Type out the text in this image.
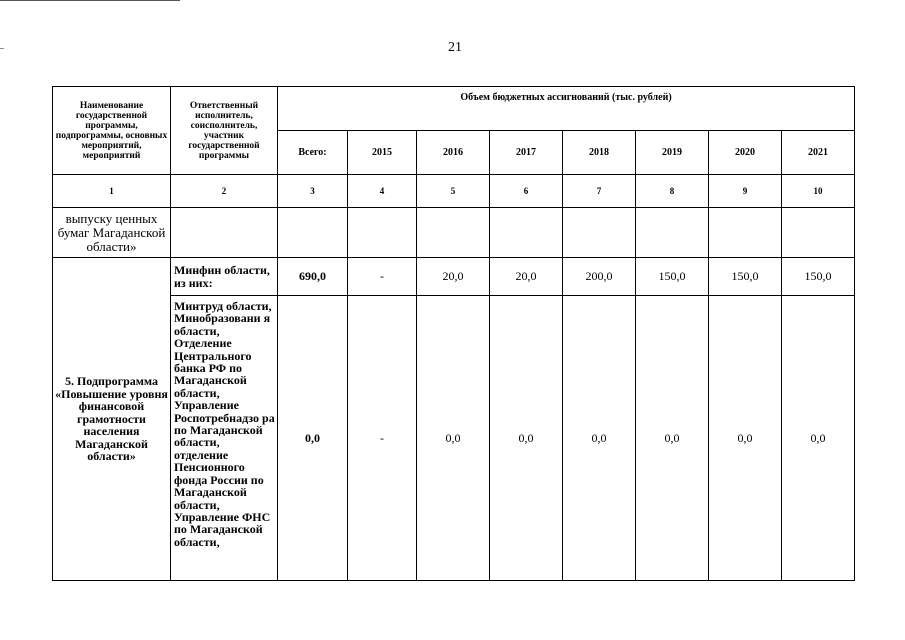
21
Наименование государственной программы, подпрограммы, основных мероприятий, мероприятий	Ответственный исполнитель, соисполнитель, участник государственной программы	Объем бюджетных ассигнований (тыс. рублей)							
		Всего:	2015	2016	2017	2018	2019	2020	2021
1	2	3	4	5	6	7	8	9	10
выпуску ценных бумаг Магаданской области»									
5. Подпрограмма «Повышение уровня финансовой грамотности населения Магаданской области»	Минфин области, из них:	690,0	-	20,0	20,0	200,0	150,0	150,0	150,0
	Минтруд области, Минобразовани я области, Отделение Центрального банка РФ по Магаданской области, Управление Роспотребнадзо ра по Магаданской области, отделение Пенсионного фонда России по Магаданской области, Управление ФНС по Магаданской области,	0,0	-	0,0	0,0	0,0	0,0	0,0	0,0
